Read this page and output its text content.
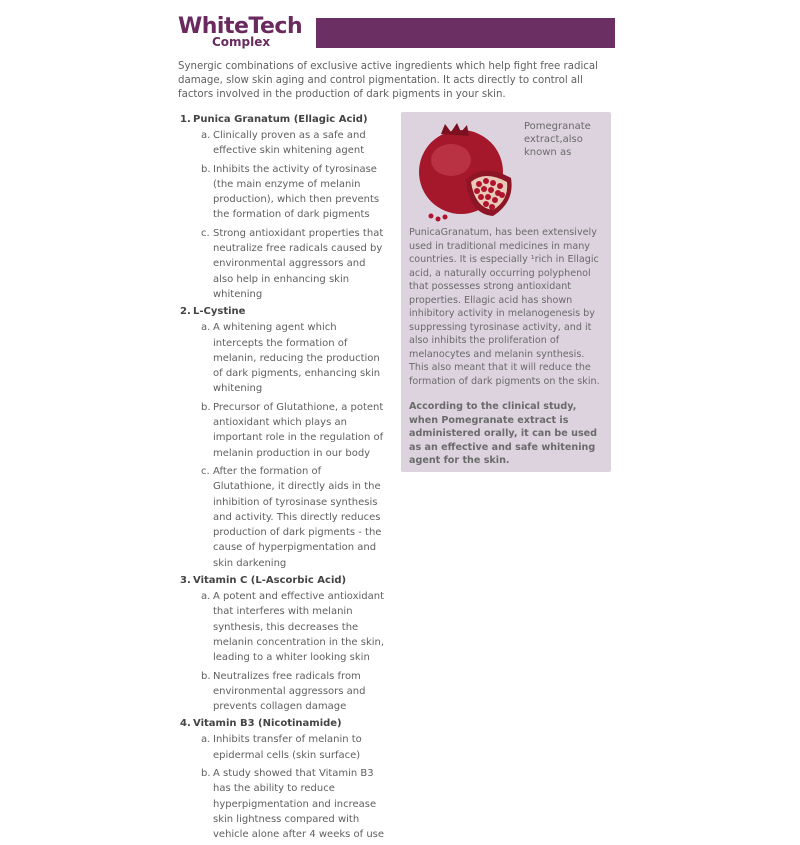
WhiteTech
Complex

Synergic combinations of exclusive active ingredients which help fight free radical damage, slow skin aging and control pigmentation. It acts directly to control all factors involved in the production of dark pigments in your skin.

1. Punica Granatum (Ellagic Acid)
a. Clinically proven as a safe and effective skin whitening agent
b. Inhibits the activity of tyrosinase (the main enzyme of melanin production), which then prevents the formation of dark pigments
c. Strong antioxidant properties that neutralize free radicals caused by environmental aggressors and also help in enhancing skin whitening
2. L-Cystine
a. A whitening agent which intercepts the formation of melanin, reducing the production of dark pigments, enhancing skin whitening
b. Precursor of Glutathione, a potent antioxidant which plays an important role in the regulation of melanin production in our body
c. After the formation of Glutathione, it directly aids in the inhibition of tyrosinase synthesis and activity. This directly reduces production of dark pigments - the cause of hyperpigmentation and skin darkening
3. Vitamin C (L-Ascorbic Acid)
a. A potent and effective antioxidant that interferes with melanin synthesis, this decreases the melanin concentration in the skin, leading to a whiter looking skin
b. Neutralizes free radicals from environmental aggressors and prevents collagen damage
4. Vitamin B3 (Nicotinamide)
a. Inhibits transfer of melanin to epidermal cells (skin surface)
b. A study showed that Vitamin B3 has the ability to reduce hyperpigmentation and increase skin lightness compared with vehicle alone after 4 weeks of use

Pomegranate extract,also known as

PunicaGranatum, has been extensively used in traditional medicines in many countries. It is especially ¹rich in Ellagic acid, a naturally occurring polyphenol that possesses strong antioxidant properties. Ellagic acid has shown inhibitory activity in melanogenesis by suppressing tyrosinase activity, and it also inhibits the proliferation of melanocytes and melanin synthesis. This also meant that it will reduce the formation of dark pigments on the skin.

According to the clinical study, when Pomegranate extract is administered orally, it can be used as an effective and safe whitening agent for the skin.
